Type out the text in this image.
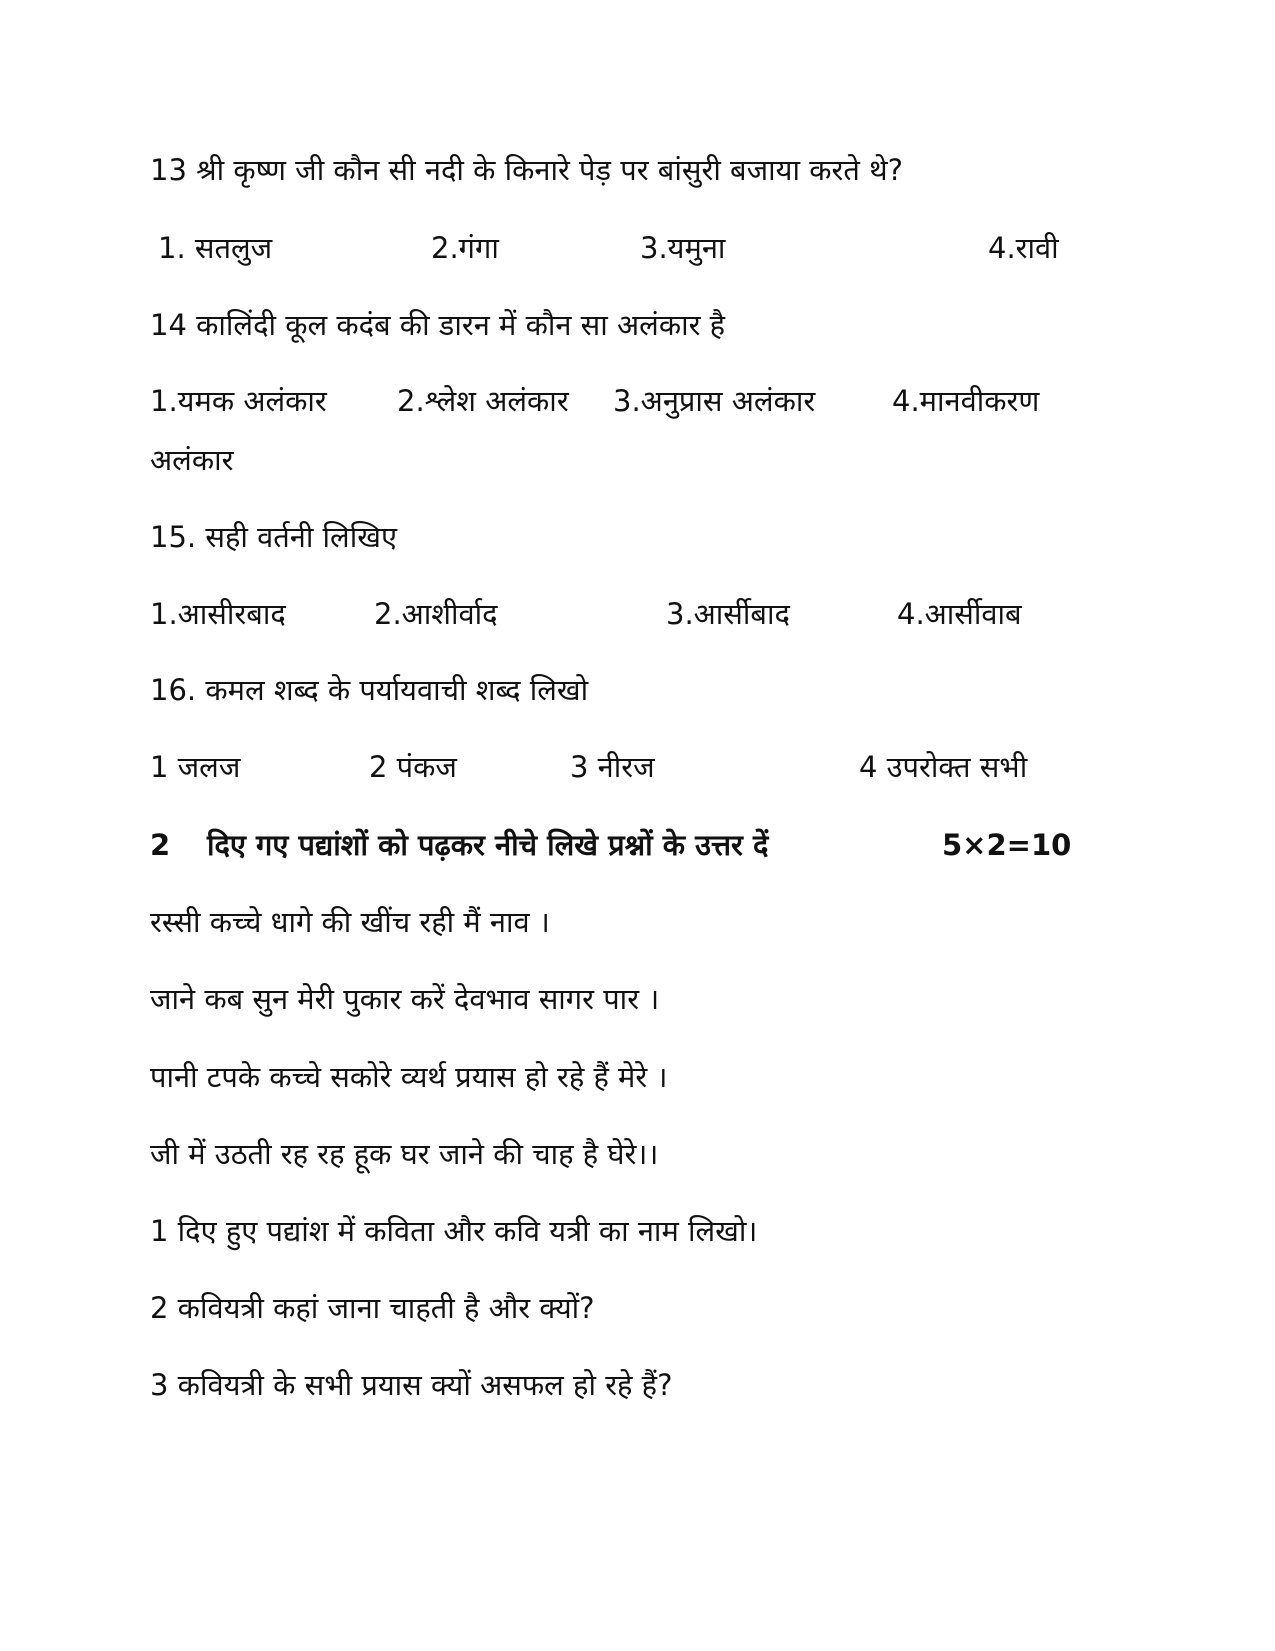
13 श्री कृष्ण जी कौन सी नदी के किनारे पेड़ पर बांसुरी बजाया करते थे?
1. सतलुज	2.गंगा	3.यमुना	4.रावी
14 कालिंदी कूल कदंब की डारन में कौन सा अलंकार है
1.यमक अलंकार 2.श्लेश अलंकार 3.अनुप्रास अलंकार	4.मानवीकरण
अलंकार
15. सही वर्तनी लिखिए
1.आसीरबाद	2.आशीर्वाद	3.आर्सीबाद	4.आर्सीवाब
16. कमल शब्द के पर्यायवाची शब्द लिखो
1 जलज	2 पंकज	3 नीरज	4 उपरोक्त सभी
2 दिए गए पद्यांशों को पढ़कर नीचे लिखे प्रश्नों के उत्तर दें	5×2=10
रस्सी कच्चे धागे की खींच रही मैं नाव ।
जाने कब सुन मेरी पुकार करें देवभाव सागर पार ।
पानी टपके कच्चे सकोरे व्यर्थ प्रयास हो रहे हैं मेरे ।
जी में उठती रह रह हूक घर जाने की चाह है घेरे।।
1 दिए हुए पद्यांश में कविता और कवि यत्री का नाम लिखो।
2 कवियत्री कहां जाना चाहती है और क्यों?
3 कवियत्री के सभी प्रयास क्यों असफल हो रहे हैं?
